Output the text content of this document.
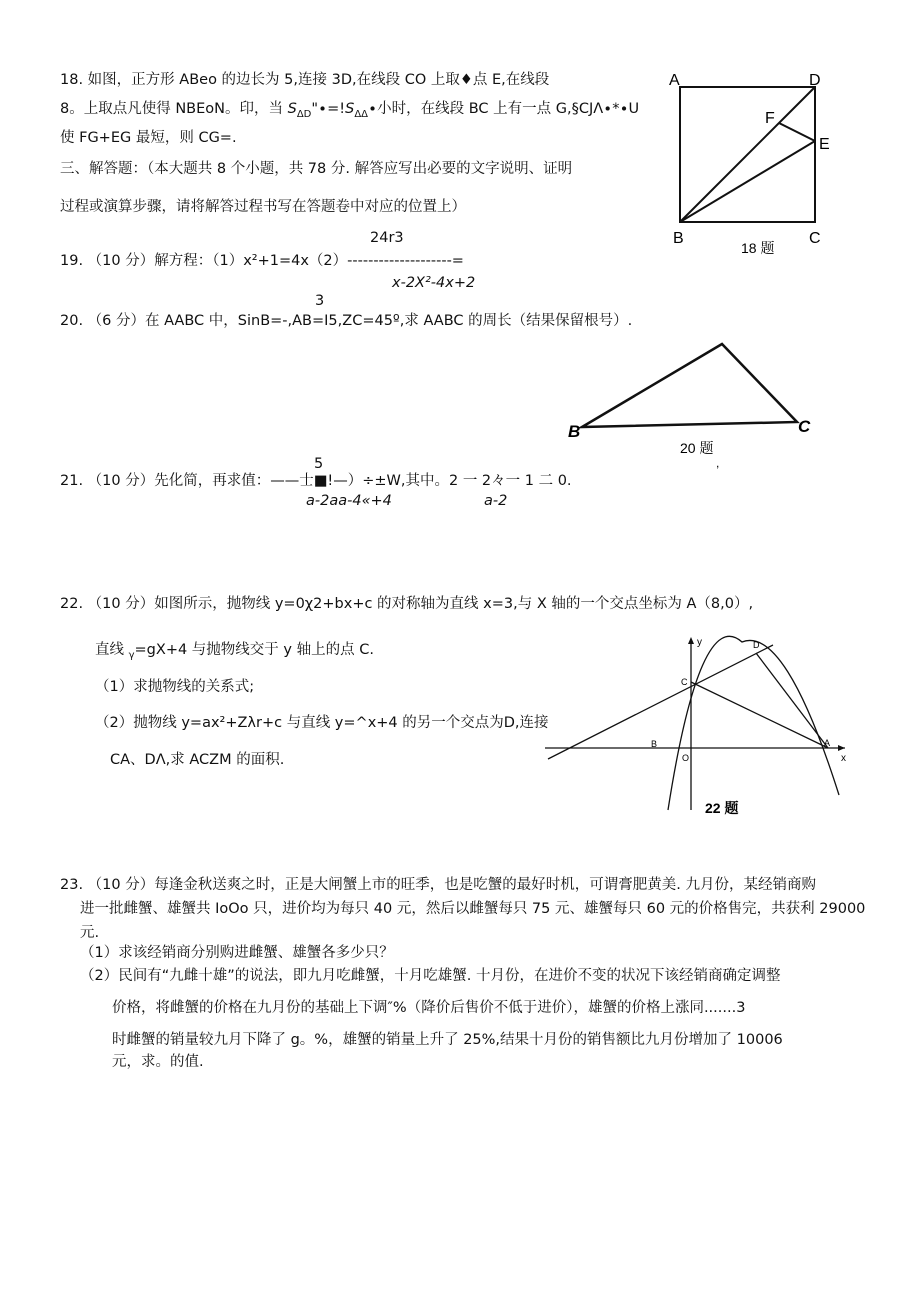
18. 如图，正方形 ABeo 的边长为 5,连接 3D,在线段 CO 上取♦点 E,在线段
8。上取点凡使得 NBEoN。印，当 $S_{\Delta D}"\cdot=!S_{\Delta\Delta}\cdot$小时，在线段 BC 上有一点 G,§CJΛ∙*∙U
使 FG+EG 最短，则 CG=.
A	D
F
E
B	C
18 题
三、解答题：（本大题共 8 个小题，共 78 分. 解答应写出必要的文字说明、证明
过程或演算步骤，请将解答过程书写在答题卷中对应的位置上）
24r3
19. （10 分）解方程：（1）x²+1=4x（2）--------------------=
x-2X²-4x+2
3
20. （6 分）在 AABC 中，SinB=-,AB=I5,ZC=45º,求 AABC 的周长（结果保留根号）.
B	C
20 题
,
5
21. （10 分）先化简，再求值：——士■!—）÷±W,其中。2 一 2々一 1 二 0.
a-2aa-4«+4	a-2
22. （10 分）如图所示，抛物线 y=0χ2+bx+c 的对称轴为直线 x=3,与 X 轴的一个交点坐标为 A（8,0）,
直线 $_\gamma$=gX+4 与抛物线交于 y 轴上的点 C.
（1）求抛物线的关系式;
（2）抛物线 y=ax²+Zλr+c 与直线 y=^x+4 的另一个交点为D,连接
CA、DΛ,求 ACZM 的面积.
y
x
O
B
C
D
A
22 题
23. （10 分）每逢金秋送爽之时，正是大闸蟹上市的旺季，也是吃蟹的最好时机，可谓膏肥黄美. 九月份，某经销商购
进一批雌蟹、雄蟹共 IoOo 只，进价均为每只 40 元，然后以雌蟹每只 75 元、雄蟹每只 60 元的价格售完，共获利 29000
元.
（1）求该经销商分别购进雌蟹、雄蟹各多少只？
（2）民间有“九雌十雄”的说法，即九月吃雌蟹，十月吃雄蟹. 十月份，在进价不变的状况下该经销商确定调整
价格，将雌蟹的价格在九月份的基础上下调″%（降价后售价不低于进价），雄蟹的价格上涨同.......3
时雌蟹的销量较九月下降了 g。%，雄蟹的销量上升了 25%,结果十月份的销售额比九月份增加了 10006
元，求。的值.
